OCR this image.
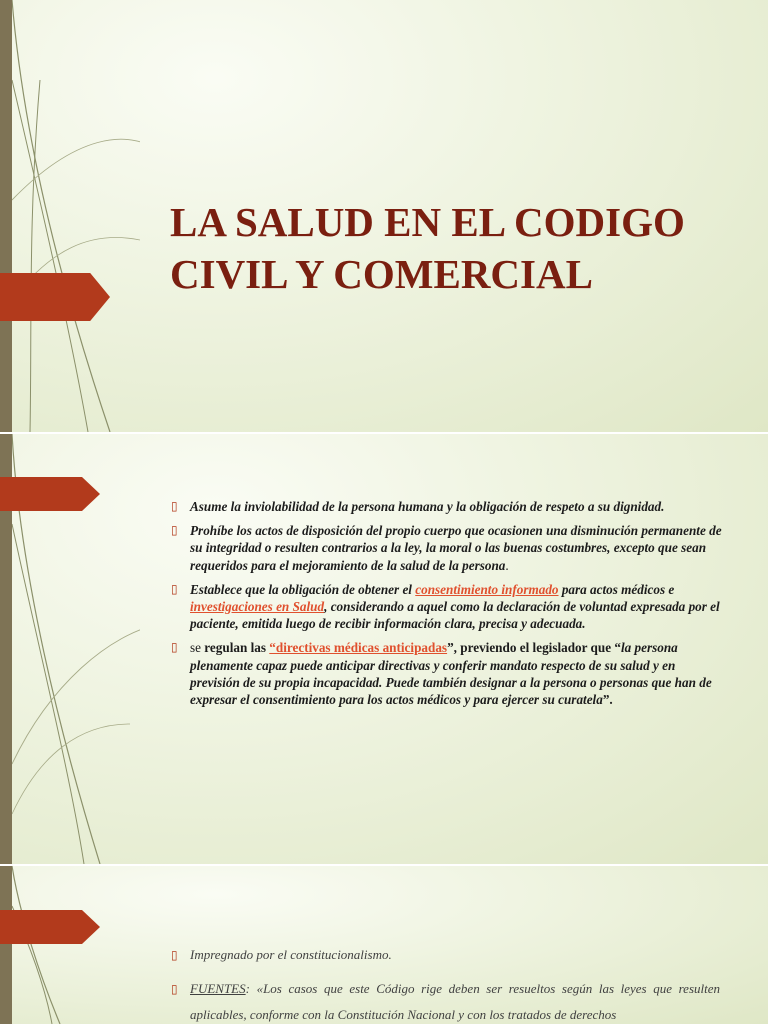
LA SALUD EN EL CODIGO
CIVIL Y COMERCIAL
▯ Asume la inviolabilidad de la persona humana y la obligación de respeto a su dignidad.
▯ Prohíbe los actos de disposición del propio cuerpo que ocasionen una disminución permanente de su integridad o resulten contrarios a la ley, la moral o las buenas costumbres, excepto que sean requeridos para el mejoramiento de la salud de la persona.
▯ Establece que la obligación de obtener el consentimiento informado para actos médicos e investigaciones en Salud, considerando a aquel como la declaración de voluntad expresada por el paciente, emitida luego de recibir información clara, precisa y adecuada.
▯ se regulan las “directivas médicas anticipadas”, previendo el legislador que “la persona plenamente capaz puede anticipar directivas y conferir mandato respecto de su salud y en previsión de su propia incapacidad. Puede también designar a la persona o personas que han de expresar el consentimiento para los actos médicos y para ejercer su curatela”.
▯ Impregnado por el constitucionalismo.
▯ FUENTES: «Los casos que este Código rige deben ser resueltos según las leyes que resulten aplicables, conforme con la Constitución Nacional y con los tratados de derechos
